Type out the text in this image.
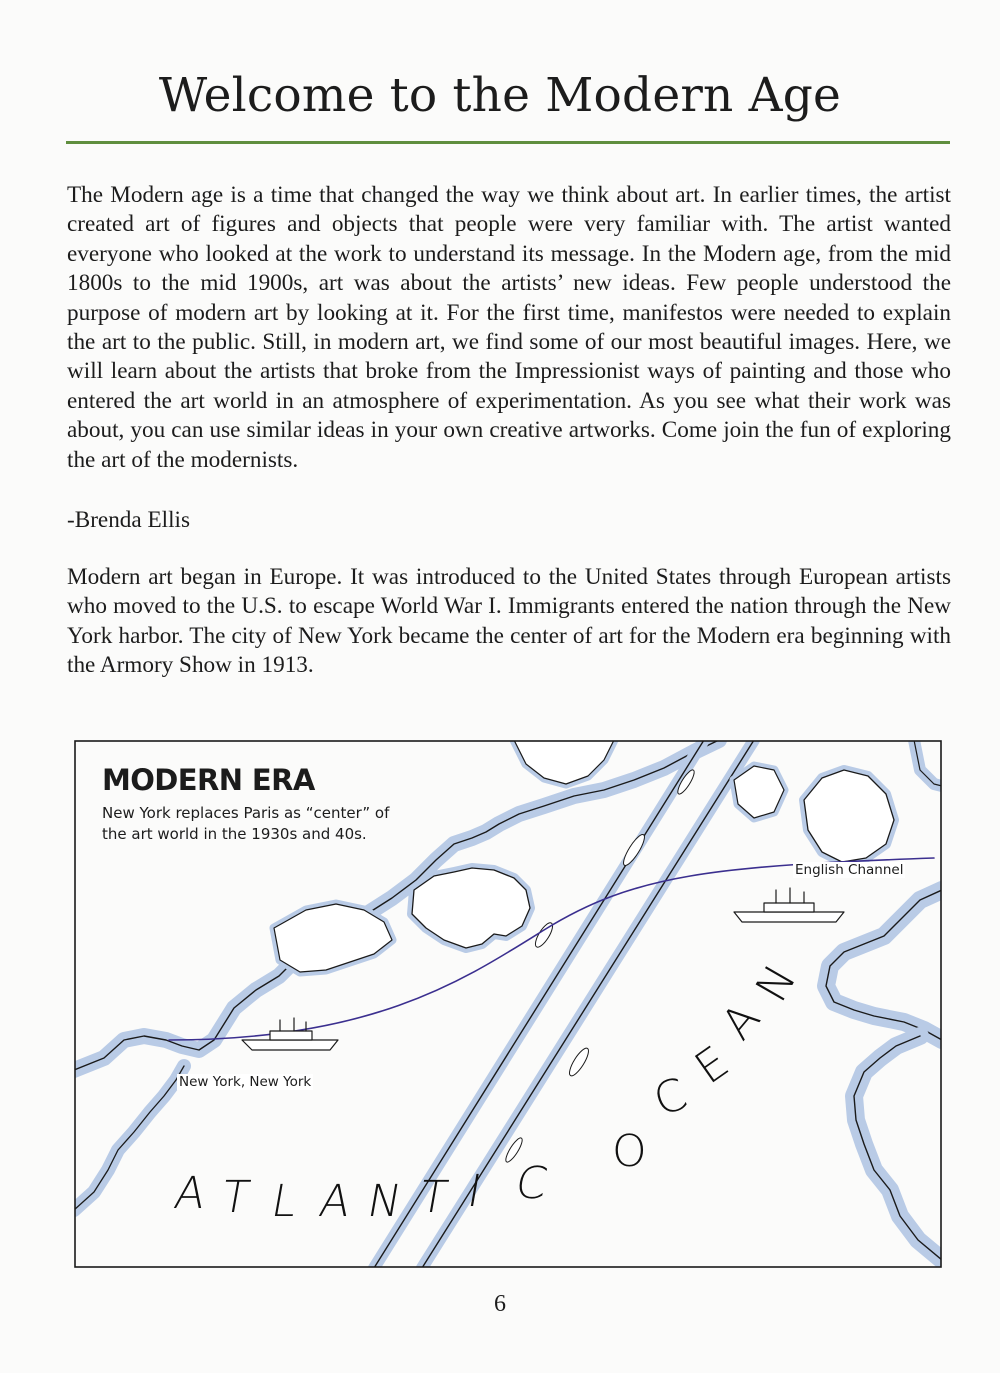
Welcome to the Modern Age

The Modern age is a time that changed the way we think about art. In earlier times, the artist created art of figures and objects that people were very familiar with. The artist wanted everyone who looked at the work to understand its message. In the Modern age, from the mid 1800s to the mid 1900s, art was about the artists’ new ideas. Few people understood the purpose of modern art by looking at it. For the first time, manifestos were needed to explain the art to the public. Still, in modern art, we find some of our most beautiful images. Here, we will learn about the artists that broke from the Impressionist ways of painting and those who entered the art world in an atmosphere of experimentation. As you see what their work was about, you can use similar ideas in your own creative artworks. Come join the fun of exploring the art of the modernists.

-Brenda Ellis

Modern art began in Europe. It was introduced to the United States through European artists who moved to the U.S. to escape World War I. Immigrants entered the nation through the New York harbor. The city of New York became the center of art for the Modern era beginning with the Armory Show in 1913.

MODERN ERA
New York replaces Paris as “center” of the art world in the 1930s and 40s.
English Channel
New York, New York
A T L A N T I C
O
C
E
A
N
6
